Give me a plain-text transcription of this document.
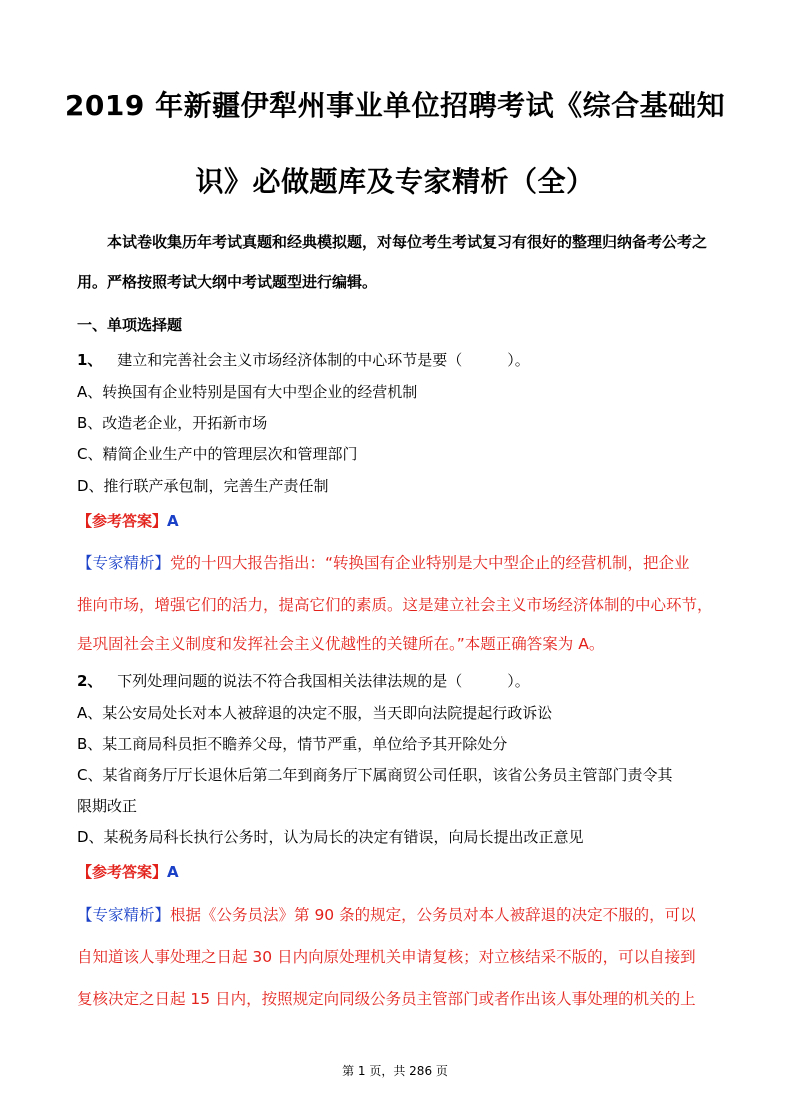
2019 年新疆伊犁州事业单位招聘考试《综合基础知
识》必做题库及专家精析（全）
本试卷收集历年考试真题和经典模拟题，对每位考生考试复习有很好的整理归纳备考公考之用。严格按照考试大纲中考试题型进行编辑。
一、单项选择题
1、 建立和完善社会主义市场经济体制的中心环节是要（　　　）。
A、转换国有企业特别是国有大中型企业的经营机制
B、改造老企业，开拓新市场
C、精简企业生产中的管理层次和管理部门
D、推行联产承包制，完善生产责任制
【参考答案】A
【专家精析】党的十四大报告指出：“转换国有企业特别是大中型企止的经营机制，把企业
推向市场，增强它们的活力，提高它们的素质。这是建立社会主义市场经济体制的中心环节，
是巩固社会主义制度和发挥社会主义优越性的关键所在。”本题正确答案为 A。
2、 下列处理问题的说法不符合我国相关法律法规的是（　　　）。
A、某公安局处长对本人被辞退的决定不服，当天即向法院提起行政诉讼
B、某工商局科员拒不瞻养父母，情节严重，单位给予其开除处分
C、某省商务厅厅长退休后第二年到商务厅下属商贸公司任职，该省公务员主管部门责令其
限期改正
D、某税务局科长执行公务时，认为局长的决定有错误，向局长提出改正意见
【参考答案】A
【专家精析】根据《公务员法》第 90 条的规定，公务员对本人被辞退的决定不服的，可以
自知道该人事处理之日起 30 日内向原处理机关申请复核；对立核结采不版的，可以自接到
复核决定之日起 15 日内，按照规定向同级公务员主管部门或者作出该人事处理的机关的上
第 1 页，共 286 页
